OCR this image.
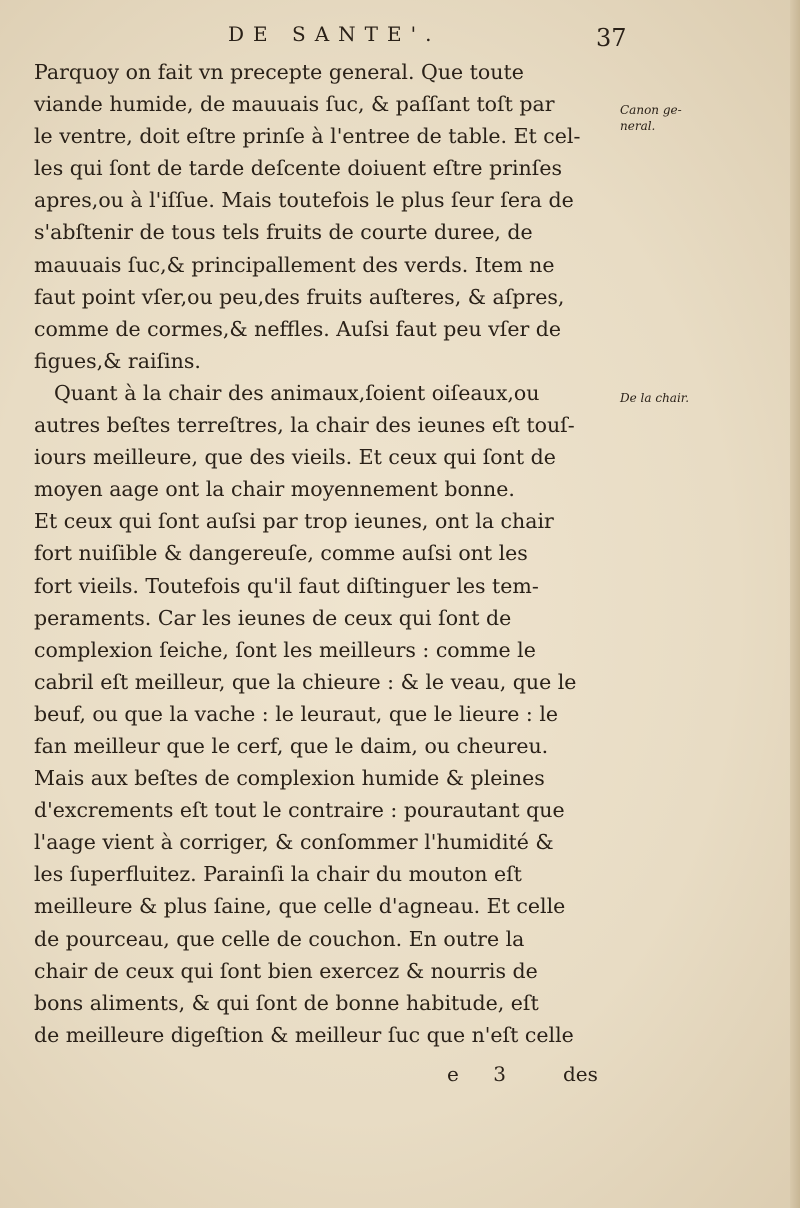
DE SANTE'.	37
Parquoy on fait vn precepte general. Que toute
viande humide, de mauuais ſuc, & paſſant toſt par
le ventre, doit eſtre prinſe à l'entree de table. Et cel-
les qui ſont de tarde deſcente doiuent eſtre prinſes
apres,ou à l'iſſue. Mais toutefois le plus ſeur ſera de
s'abſtenir de tous tels fruits de courte duree, de
mauuais ſuc,& principallement des verds. Item ne
faut point vſer,ou peu,des fruits auſteres, & aſpres,
comme de cormes,& neffles. Auſsi faut peu vſer de
figues,& raiſins.
Quant à la chair des animaux,ſoient oiſeaux,ou
autres beſtes terreſtres, la chair des ieunes eſt touſ-
iours meilleure, que des vieils. Et ceux qui ſont de
moyen aage ont la chair moyennement bonne.
Et ceux qui ſont auſsi par trop ieunes, ont la chair
fort nuiſible & dangereuſe, comme auſsi ont les
fort vieils. Toutefois qu'il faut diſtinguer les tem-
peraments. Car les ieunes de ceux qui ſont de
complexion ſeiche, ſont les meilleurs : comme le
cabril eſt meilleur, que la chieure : & le veau, que le
beuf, ou que la vache : le leuraut, que le lieure : le
fan meilleur que le cerf, que le daim, ou cheureu.
Mais aux beſtes de complexion humide & pleines
d'excrements eſt tout le contraire : pourautant que
l'aage vient à corriger, & conſommer l'humidité &
les ſuperfluitez. Parainſi la chair du mouton eſt
meilleure & plus ſaine, que celle d'agneau. Et celle
de pourceau, que celle de couchon. En outre la
chair de ceux qui ſont bien exercez & nourris de
bons aliments, & qui ſont de bonne habitude, eſt
de meilleure digeſtion & meilleur ſuc que n'eſt celle
Canon ge-
neral.
De la chair.
e 3 des
